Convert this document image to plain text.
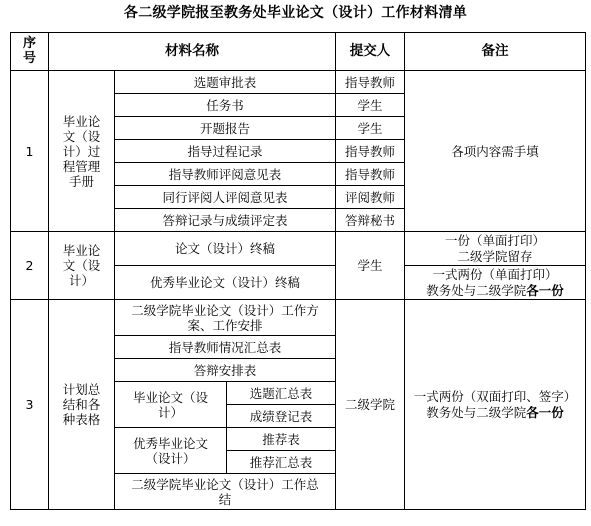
各二级学院报至教务处毕业论文（设计）工作材料清单
序号	材料名称			提交人	备注
1	毕业论文（设计）过程管理手册	选题审批表		指导教师	各项内容需手填
		任务书		学生	
		开题报告		学生	
		指导过程记录		指导教师	
		指导教师评阅意见表		指导教师	
		同行评阅人评阅意见表		评阅教师	
		答辩记录与成绩评定表		答辩秘书	
2	毕业论文（设计）	论文（设计）终稿		学生	一份（单面打印）
二级学院留存

		优秀毕业论文（设计）终稿			一式两份（单面打印）
教务处与二级学院各一份

3	计划总结和各种表格	二级学院毕业论文（设计）工作方案、工作安排		二级学院	一式两份（双面打印、签字）
教务处与二级学院各一份

		指导教师情况汇总表			
		答辩安排表			
		毕业论文（设计）	选题汇总表		
			成绩登记表		
		优秀毕业论文（设计）	推荐表		
			推荐汇总表		
		二级学院毕业论文（设计）工作总结			
